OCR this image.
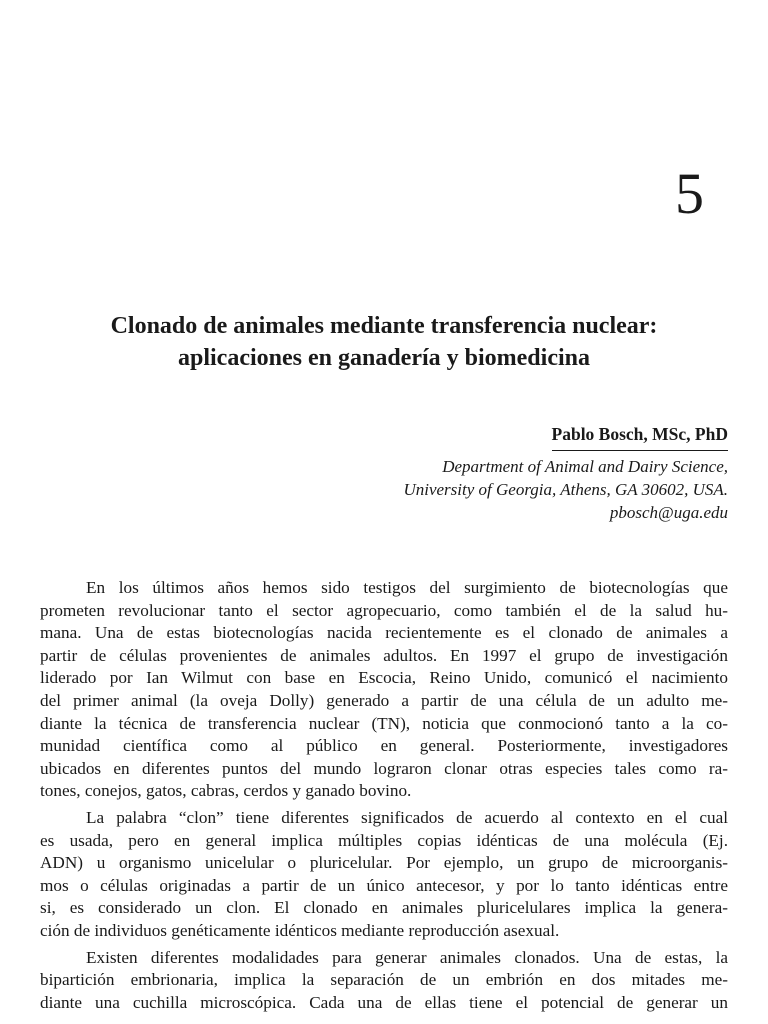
5
Clonado de animales mediante transferencia nuclear:
aplicaciones en ganadería y biomedicina
Pablo Bosch, MSc, PhD
Department of Animal and Dairy Science,
University of Georgia, Athens, GA 30602, USA.
pbosch@uga.edu
En los últimos años hemos sido testigos del surgimiento de biotecnologías que
prometen revolucionar tanto el sector agropecuario, como también el de la salud hu-
mana. Una de estas biotecnologías nacida recientemente es el clonado de animales a
partir de células provenientes de animales adultos. En 1997 el grupo de investigación
liderado por Ian Wilmut con base en Escocia, Reino Unido, comunicó el nacimiento
del primer animal (la oveja Dolly) generado a partir de una célula de un adulto me-
diante la técnica de transferencia nuclear (TN), noticia que conmocionó tanto a la co-
munidad científica como al público en general. Posteriormente, investigadores
ubicados en diferentes puntos del mundo lograron clonar otras especies tales como ra-
tones, conejos, gatos, cabras, cerdos y ganado bovino.
La palabra “clon” tiene diferentes significados de acuerdo al contexto en el cual
es usada, pero en general implica múltiples copias idénticas de una molécula (Ej.
ADN) u organismo unicelular o pluricelular. Por ejemplo, un grupo de microorganis-
mos o células originadas a partir de un único antecesor, y por lo tanto idénticas entre
si, es considerado un clon. El clonado en animales pluricelulares implica la genera-
ción de individuos genéticamente idénticos mediante reproducción asexual.
Existen diferentes modalidades para generar animales clonados. Una de estas, la
bipartición embrionaria, implica la separación de un embrión en dos mitades me-
diante una cuchilla microscópica. Cada una de ellas tiene el potencial de generar un
